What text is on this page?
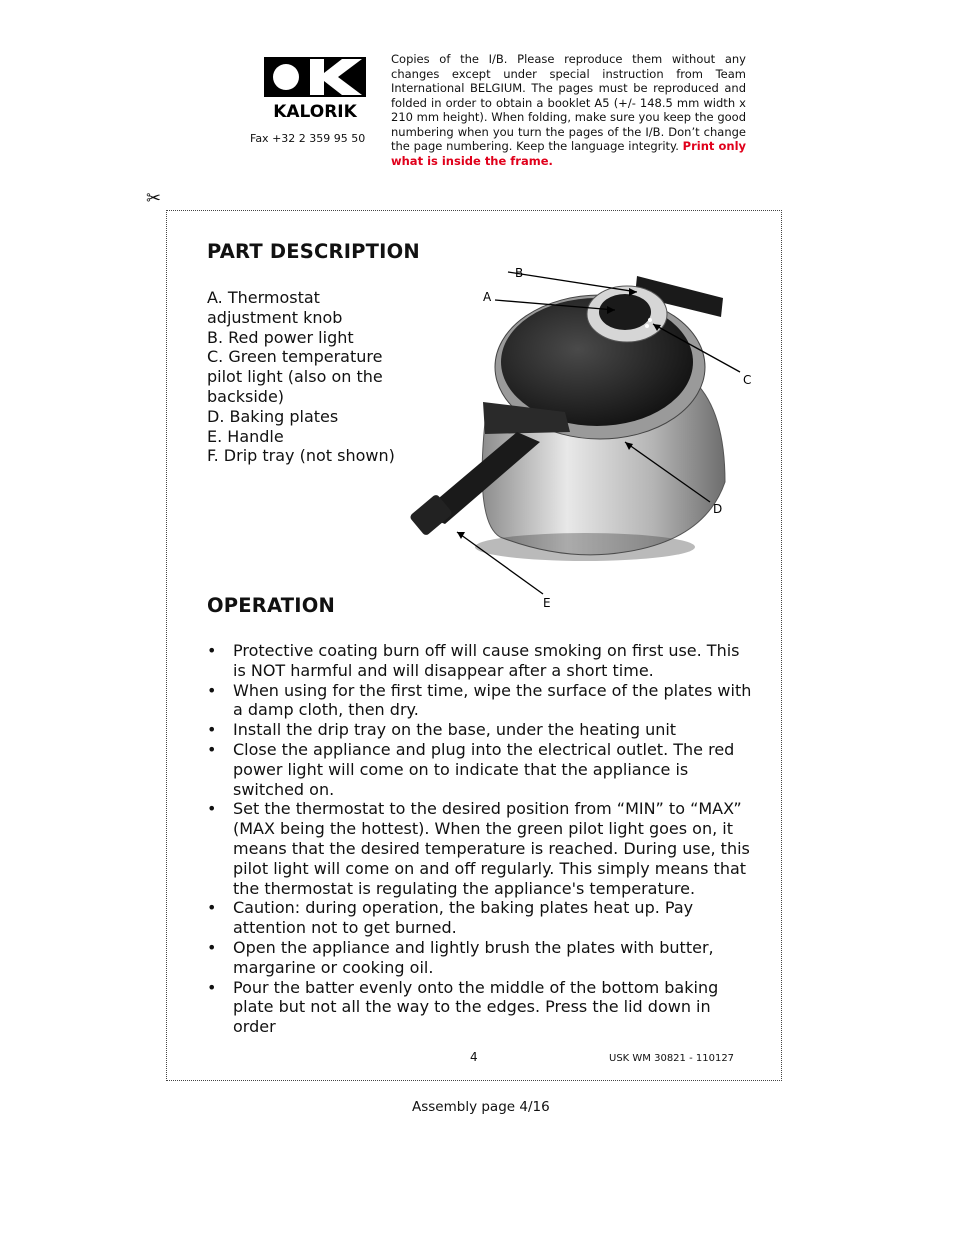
KALORIK
Fax +32 2 359 95 50
Copies of the I/B. Please reproduce them without any changes except under special instruction from Team International BELGIUM. The pages must be reproduced and folded in order to obtain a booklet A5 (+/- 148.5 mm width x 210 mm height). When folding, make sure you keep the good numbering when you turn the pages of the I/B. Don’t change the page numbering. Keep the language integrity. Print only what is inside the frame.
✂
PART DESCRIPTION
A. Thermostat adjustment knob
B. Red power light
C. Green temperature pilot light (also on the backside)
D. Baking plates
E. Handle
F. Drip tray (not shown)
B
A
C
D
E
OPERATION
• Protective coating burn off will cause smoking on first use. This is NOT harmful and will disappear after a short time.
• When using for the first time, wipe the surface of the plates with a damp cloth, then dry.
• Install the drip tray on the base, under the heating unit
• Close the appliance and plug into the electrical outlet. The red power light will come on to indicate that the appliance is switched on.
• Set the thermostat to the desired position from “MIN” to “MAX” (MAX being the hottest). When the green pilot light goes on, it means that the desired temperature is reached. During use, this pilot light will come on and off regularly. This simply means that the thermostat is regulating the appliance's temperature.
• Caution: during operation, the baking plates heat up. Pay attention not to get burned.
• Open the appliance and lightly brush the plates with butter, margarine or cooking oil.
• Pour the batter evenly onto the middle of the bottom baking plate but not all the way to the edges. Press the lid down in order
4	USK WM 30821 - 110127
Assembly page 4/16
